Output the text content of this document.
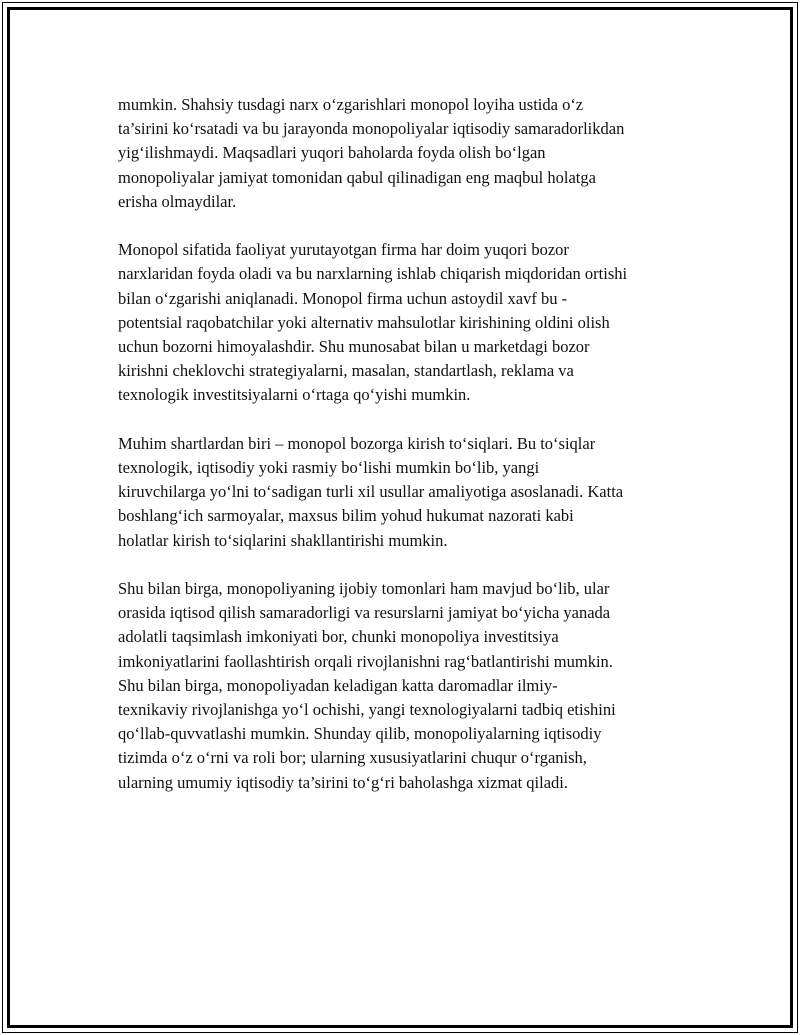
mumkin. Shahsiy tusdagi narx o‘zgarishlari monopol loyiha ustida o‘z
ta’sirini ko‘rsatadi va bu jarayonda monopoliyalar iqtisodiy samaradorlikdan
yig‘ilishmaydi. Maqsadlari yuqori baholarda foyda olish bo‘lgan
monopoliyalar jamiyat tomonidan qabul qilinadigan eng maqbul holatga
erisha olmaydilar.

Monopol sifatida faoliyat yurutayotgan firma har doim yuqori bozor
narxlaridan foyda oladi va bu narxlarning ishlab chiqarish miqdoridan ortishi
bilan o‘zgarishi aniqlanadi. Monopol firma uchun astoydil xavf bu -
potentsial raqobatchilar yoki alternativ mahsulotlar kirishining oldini olish
uchun bozorni himoyalashdir. Shu munosabat bilan u marketdagi bozor
kirishni cheklovchi strategiyalarni, masalan, standartlash, reklama va
texnologik investitsiyalarni o‘rtaga qo‘yishi mumkin.

Muhim shartlardan biri – monopol bozorga kirish to‘siqlari. Bu to‘siqlar
texnologik, iqtisodiy yoki rasmiy bo‘lishi mumkin bo‘lib, yangi
kiruvchilarga yo‘lni to‘sadigan turli xil usullar amaliyotiga asoslanadi. Katta
boshlang‘ich sarmoyalar, maxsus bilim yohud hukumat nazorati kabi
holatlar kirish to‘siqlarini shakllantirishi mumkin.

Shu bilan birga, monopoliyaning ijobiy tomonlari ham mavjud bo‘lib, ular
orasida iqtisod qilish samaradorligi va resurslarni jamiyat bo‘yicha yanada
adolatli taqsimlash imkoniyati bor, chunki monopoliya investitsiya
imkoniyatlarini faollashtirish orqali rivojlanishni rag‘batlantirishi mumkin.
Shu bilan birga, monopoliyadan keladigan katta daromadlar ilmiy-
texnikaviy rivojlanishga yo‘l ochishi, yangi texnologiyalarni tadbiq etishini
qo‘llab-quvvatlashi mumkin. Shunday qilib, monopoliyalarning iqtisodiy
tizimda o‘z o‘rni va roli bor; ularning xususiyatlarini chuqur o‘rganish,
ularning umumiy iqtisodiy ta’sirini to‘g‘ri baholashga xizmat qiladi.
